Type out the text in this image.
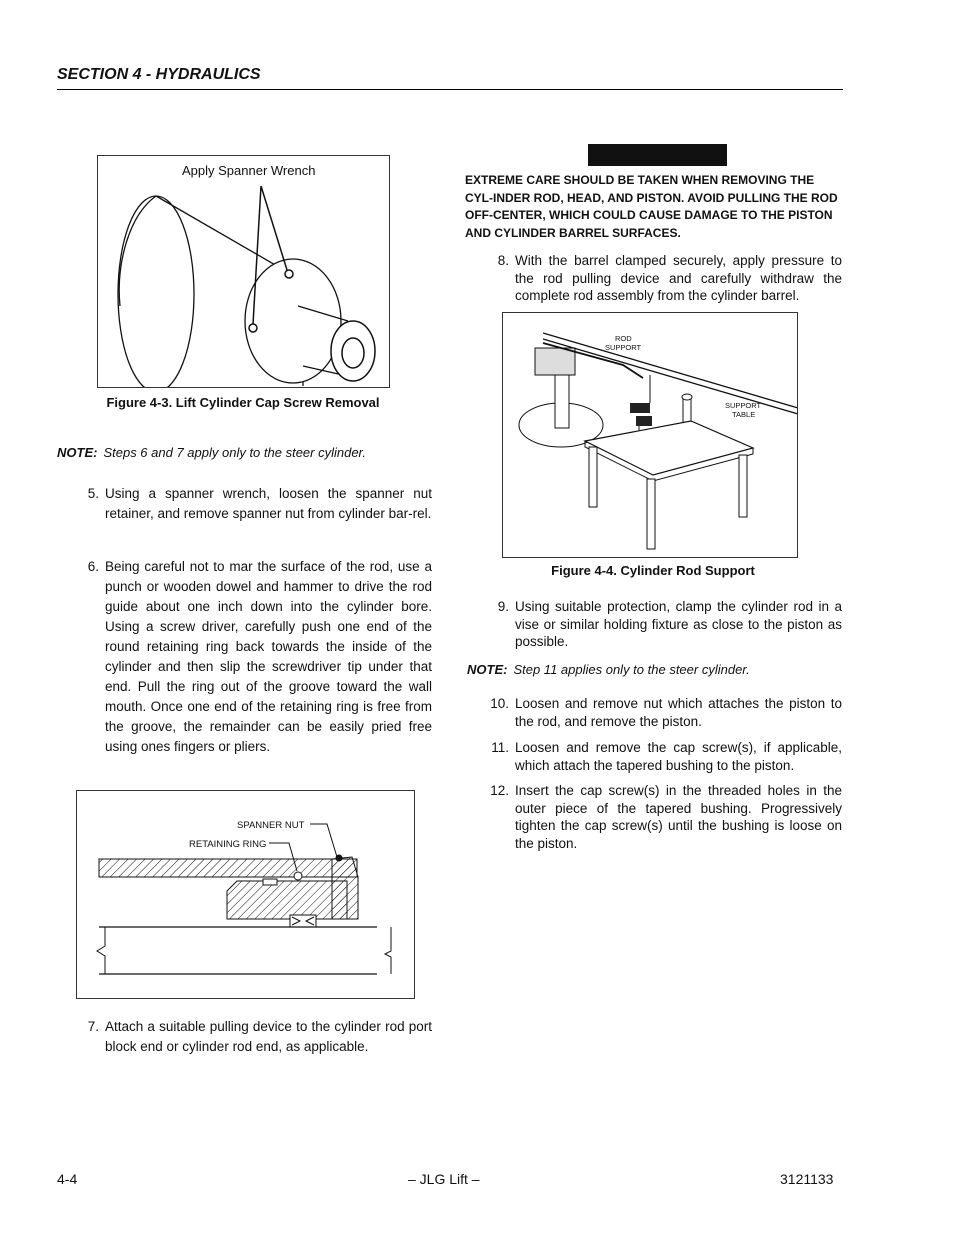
SECTION 4 - HYDRAULICS
Apply Spanner Wrench
Figure 4-3. Lift Cylinder Cap Screw Removal
NOTE: Steps 6 and 7 apply only to the steer cylinder.
5. Using a spanner wrench, loosen the spanner nut retainer, and remove spanner nut from cylinder bar-rel.
6. Being careful not to mar the surface of the rod, use a punch or wooden dowel and hammer to drive the rod guide about one inch down into the cylinder bore. Using a screw driver, carefully push one end of the round retaining ring back towards the inside of the cylinder and then slip the screwdriver tip under that end. Pull the ring out of the groove toward the wall mouth. Once one end of the retaining ring is free from the groove, the remainder can be easily pried free using ones fingers or pliers.
SPANNER NUT
RETAINING RING
7. Attach a suitable pulling device to the cylinder rod port block end or cylinder rod end, as applicable.
EXTREME CARE SHOULD BE TAKEN WHEN REMOVING THE CYL-INDER ROD, HEAD, AND PISTON. AVOID PULLING THE ROD OFF-CENTER, WHICH COULD CAUSE DAMAGE TO THE PISTON AND CYLINDER BARREL SURFACES.
8. With the barrel clamped securely, apply pressure to the rod pulling device and carefully withdraw the complete rod assembly from the cylinder barrel.
ROD
SUPPORT
SUPPORT
TABLE
Figure 4-4. Cylinder Rod Support
9. Using suitable protection, clamp the cylinder rod in a vise or similar holding fixture as close to the piston as possible.
NOTE: Step 11 applies only to the steer cylinder.
10. Loosen and remove nut which attaches the piston to the rod, and remove the piston.
11. Loosen and remove the cap screw(s), if applicable, which attach the tapered bushing to the piston.
12. Insert the cap screw(s) in the threaded holes in the outer piece of the tapered bushing. Progressively tighten the cap screw(s) until the bushing is loose on the piston.
4-4	– JLG Lift –	3121133
